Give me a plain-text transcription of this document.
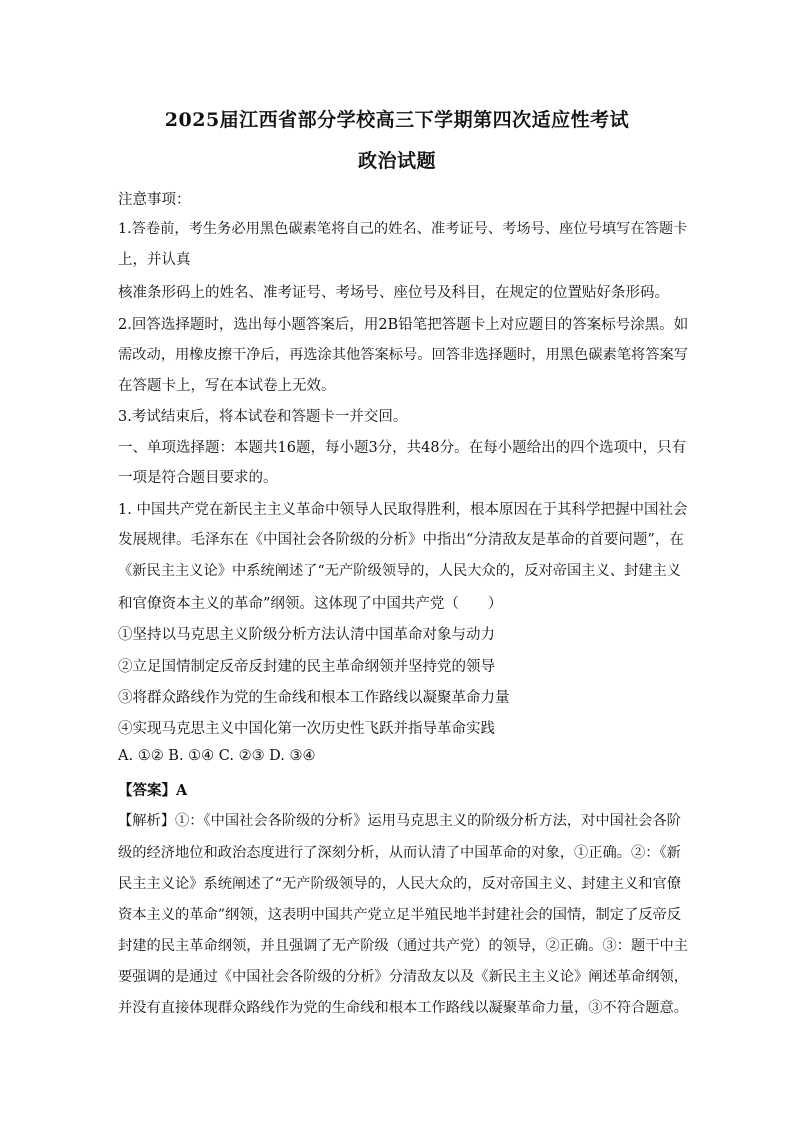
2025届江西省部分学校高三下学期第四次适应性考试
政治试题
注意事项：
1.答卷前，考生务必用黑色碳素笔将自己的姓名、准考证号、考场号、座位号填写在答题卡
上，并认真
核准条形码上的姓名、准考证号、考场号、座位号及科目，在规定的位置贴好条形码。
2.回答选择题时，选出每小题答案后，用2B铅笔把答题卡上对应题目的答案标号涂黑。如
需改动，用橡皮擦干净后，再选涂其他答案标号。回答非选择题时，用黑色碳素笔将答案写
在答题卡上，写在本试卷上无效。
3.考试结束后，将本试卷和答题卡一并交回。
一、单项选择题：本题共16题，每小题3分，共48分。在每小题给出的四个选项中，只有
一项是符合题目要求的。
1. 中国共产党在新民主主义革命中领导人民取得胜利，根本原因在于其科学把握中国社会
发展规律。毛泽东在《中国社会各阶级的分析》中指出“分清敌友是革命的首要问题”，在
《新民主主义论》中系统阐述了“无产阶级领导的，人民大众的，反对帝国主义、封建主义
和官僚资本主义的革命”纲领。这体现了中国共产党（　　）
①坚持以马克思主义阶级分析方法认清中国革命对象与动力
②立足国情制定反帝反封建的民主革命纲领并坚持党的领导
③将群众路线作为党的生命线和根本工作路线以凝聚革命力量
④实现马克思主义中国化第一次历史性飞跃并指导革命实践
A. ①② B. ①④ C. ②③ D. ③④
【答案】A
【解析】①：《中国社会各阶级的分析》运用马克思主义的阶级分析方法，对中国社会各阶
级的经济地位和政治态度进行了深刻分析，从而认清了中国革命的对象，①正确。②：《新
民主主义论》系统阐述了“无产阶级领导的，人民大众的，反对帝国主义、封建主义和官僚
资本主义的革命”纲领，这表明中国共产党立足半殖民地半封建社会的国情，制定了反帝反
封建的民主革命纲领，并且强调了无产阶级（通过共产党）的领导，②正确。③：题干中主
要强调的是通过《中国社会各阶级的分析》分清敌友以及《新民主主义论》阐述革命纲领，
并没有直接体现群众路线作为党的生命线和根本工作路线以凝聚革命力量，③不符合题意。
